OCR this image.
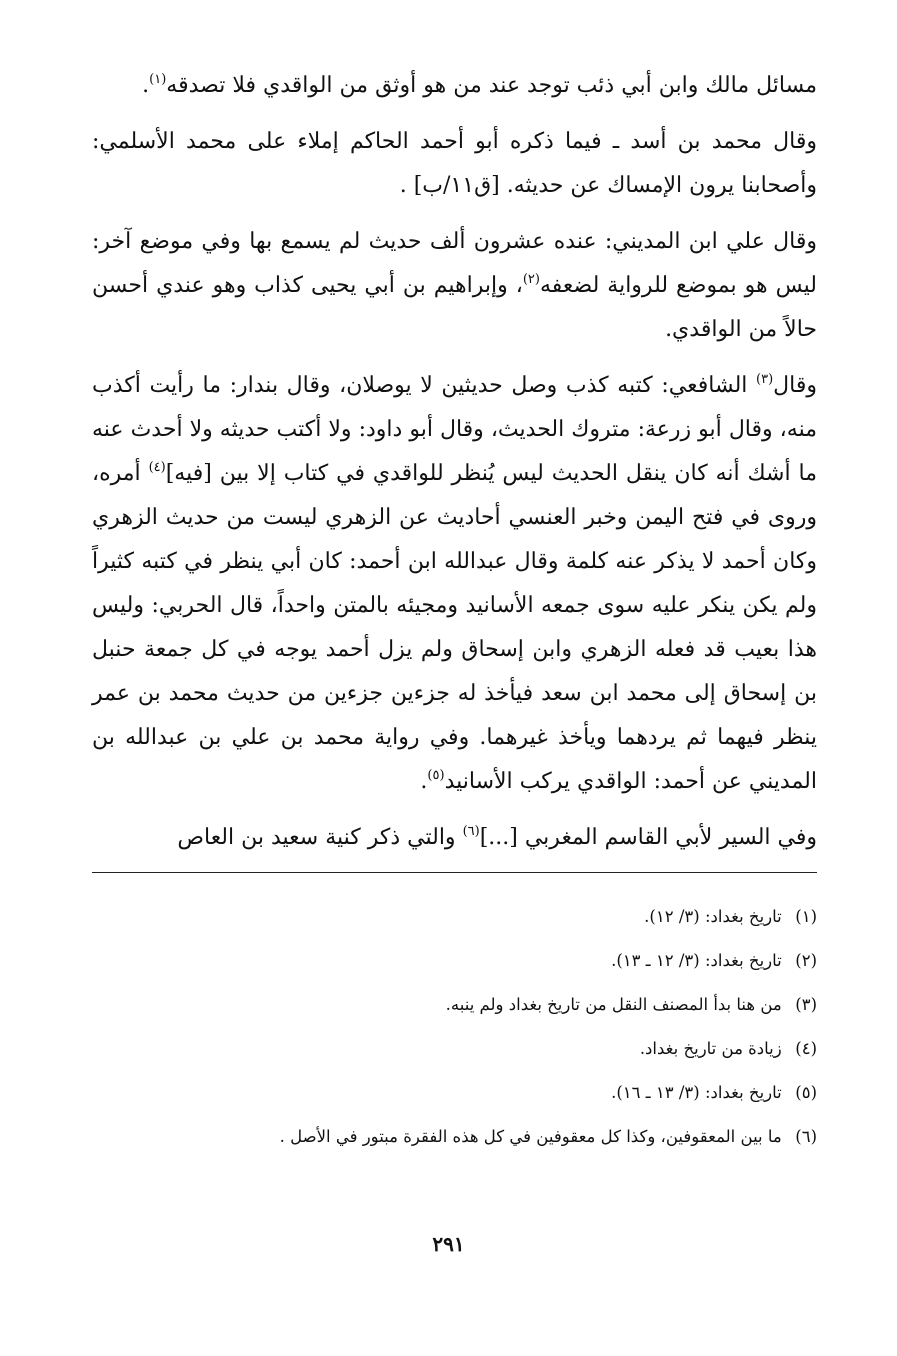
مسائل مالك وابن أبي ذئب توجد عند من هو أوثق من الواقدي فلا تصدقه$^{(١)}$.

وقال محمد بن أسد ـ فيما ذكره أبو أحمد الحاكم إملاء على محمد الأسلمي: وأصحابنا يرون الإمساك عن حديثه. [ق١١/ب] .

وقال علي ابن المديني: عنده عشرون ألف حديث لم يسمع بها وفي موضع آخر: ليس هو بموضع للرواية لضعفه$^{(٢)}$، وإبراهيم بن أبي يحيى كذاب وهو عندي أحسن حالاً من الواقدي.

وقال$^{(٣)}$ الشافعي: كتبه كذب وصل حديثين لا يوصلان، وقال بندار: ما رأيت أكذب منه، وقال أبو زرعة: متروك الحديث، وقال أبو داود: ولا أكتب حديثه ولا أحدث عنه ما أشك أنه كان ينقل الحديث ليس يُنظر للواقدي في كتاب إلا بين [فيه]$^{(٤)}$ أمره، وروى في فتح اليمن وخبر العنسي أحاديث عن الزهري ليست من حديث الزهري وكان أحمد لا يذكر عنه كلمة وقال عبدالله ابن أحمد: كان أبي ينظر في كتبه كثيراً ولم يكن ينكر عليه سوى جمعه الأسانيد ومجيئه بالمتن واحداً، قال الحربي: وليس هذا بعيب قد فعله الزهري وابن إسحاق ولم يزل أحمد يوجه في كل جمعة حنبل بن إسحاق إلى محمد ابن سعد فيأخذ له جزءين جزءين من حديث محمد بن عمر ينظر فيهما ثم يردهما ويأخذ غيرهما. وفي رواية محمد بن علي بن عبدالله بن المديني عن أحمد: الواقدي يركب الأسانيد$^{(٥)}$.

وفي السير لأبي القاسم المغربي [...]$^{(٦)}$ والتي ذكر كنية سعيد بن العاص

(١) تاريخ بغداد: (٣/ ١٢).

(٢) تاريخ بغداد: (٣/ ١٢ ـ ١٣).

(٣) من هنا بدأ المصنف النقل من تاريخ بغداد ولم ينبه.

(٤) زيادة من تاريخ بغداد.

(٥) تاريخ بغداد: (٣/ ١٣ ـ ١٦).

(٦) ما بين المعقوفين، وكذا كل معقوفين في كل هذه الفقرة مبتور في الأصل .

٢٩١
